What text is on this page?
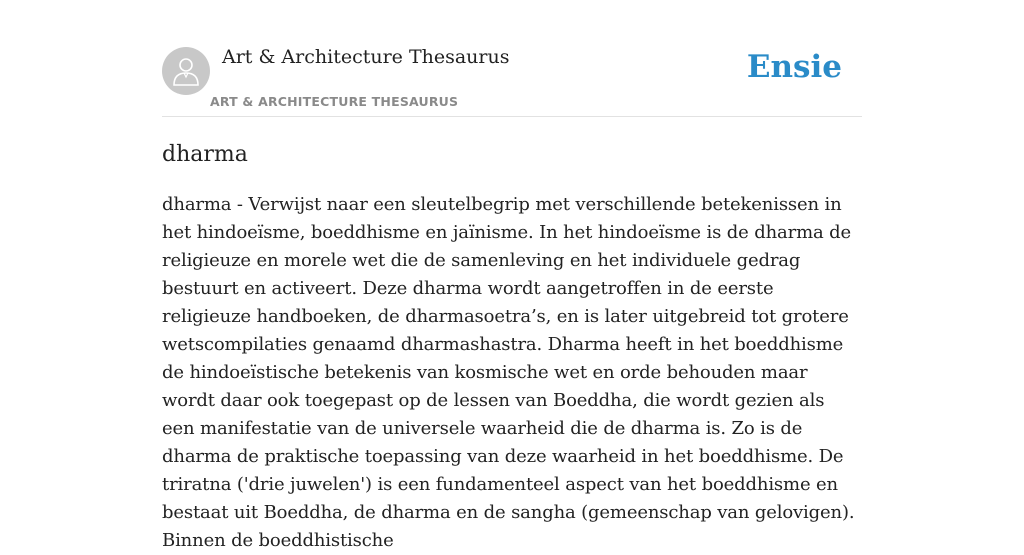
Art & Architecture Thesaurus
ART & ARCHITECTURE THESAURUS
Ensie
dharma

dharma - Verwijst naar een sleutelbegrip met verschillende betekenissen in het hindoeïsme, boeddhisme en jaïnisme. In het hindoeïsme is de dharma de religieuze en morele wet die de samenleving en het individuele gedrag bestuurt en activeert. Deze dharma wordt aangetroffen in de eerste religieuze handboeken, de dharmasoetra’s, en is later uitgebreid tot grotere wetscompilaties genaamd dharmashastra. Dharma heeft in het boeddhisme de hindoeïstische betekenis van kosmische wet en orde behouden maar wordt daar ook toegepast op de lessen van Boeddha, die wordt gezien als een manifestatie van de universele waarheid die de dharma is. Zo is de dharma de praktische toepassing van deze waarheid in het boeddhisme. De triratna ('drie juwelen') is een fundamenteel aspect van het boeddhisme en bestaat uit Boeddha, de dharma en de sangha (gemeenschap van gelovigen). Binnen de boeddhistische
